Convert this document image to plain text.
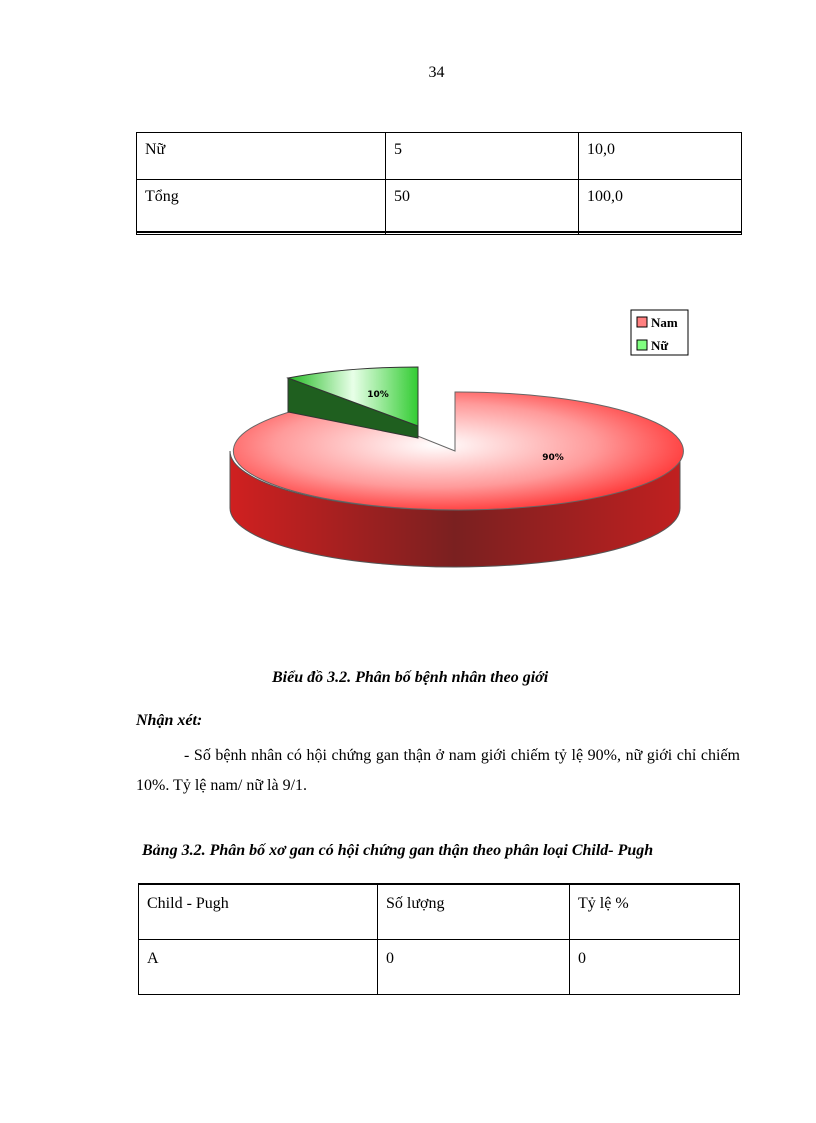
34
Nữ	5	10,0
Tổng	50	100,0
10%
90%
Nam
Nữ
Biểu đồ 3.2. Phân bố bệnh nhân theo giới
Nhận xét:
- Số bệnh nhân có hội chứng gan thận ở nam giới chiếm tỷ lệ 90%, nữ giới chỉ chiếm 10%. Tỷ lệ nam/ nữ là 9/1.
Bảng 3.2. Phân bố xơ gan có hội chứng gan thận theo phân loại Child- Pugh
Child - Pugh	Số lượng	Tỷ lệ %
A	0	0
